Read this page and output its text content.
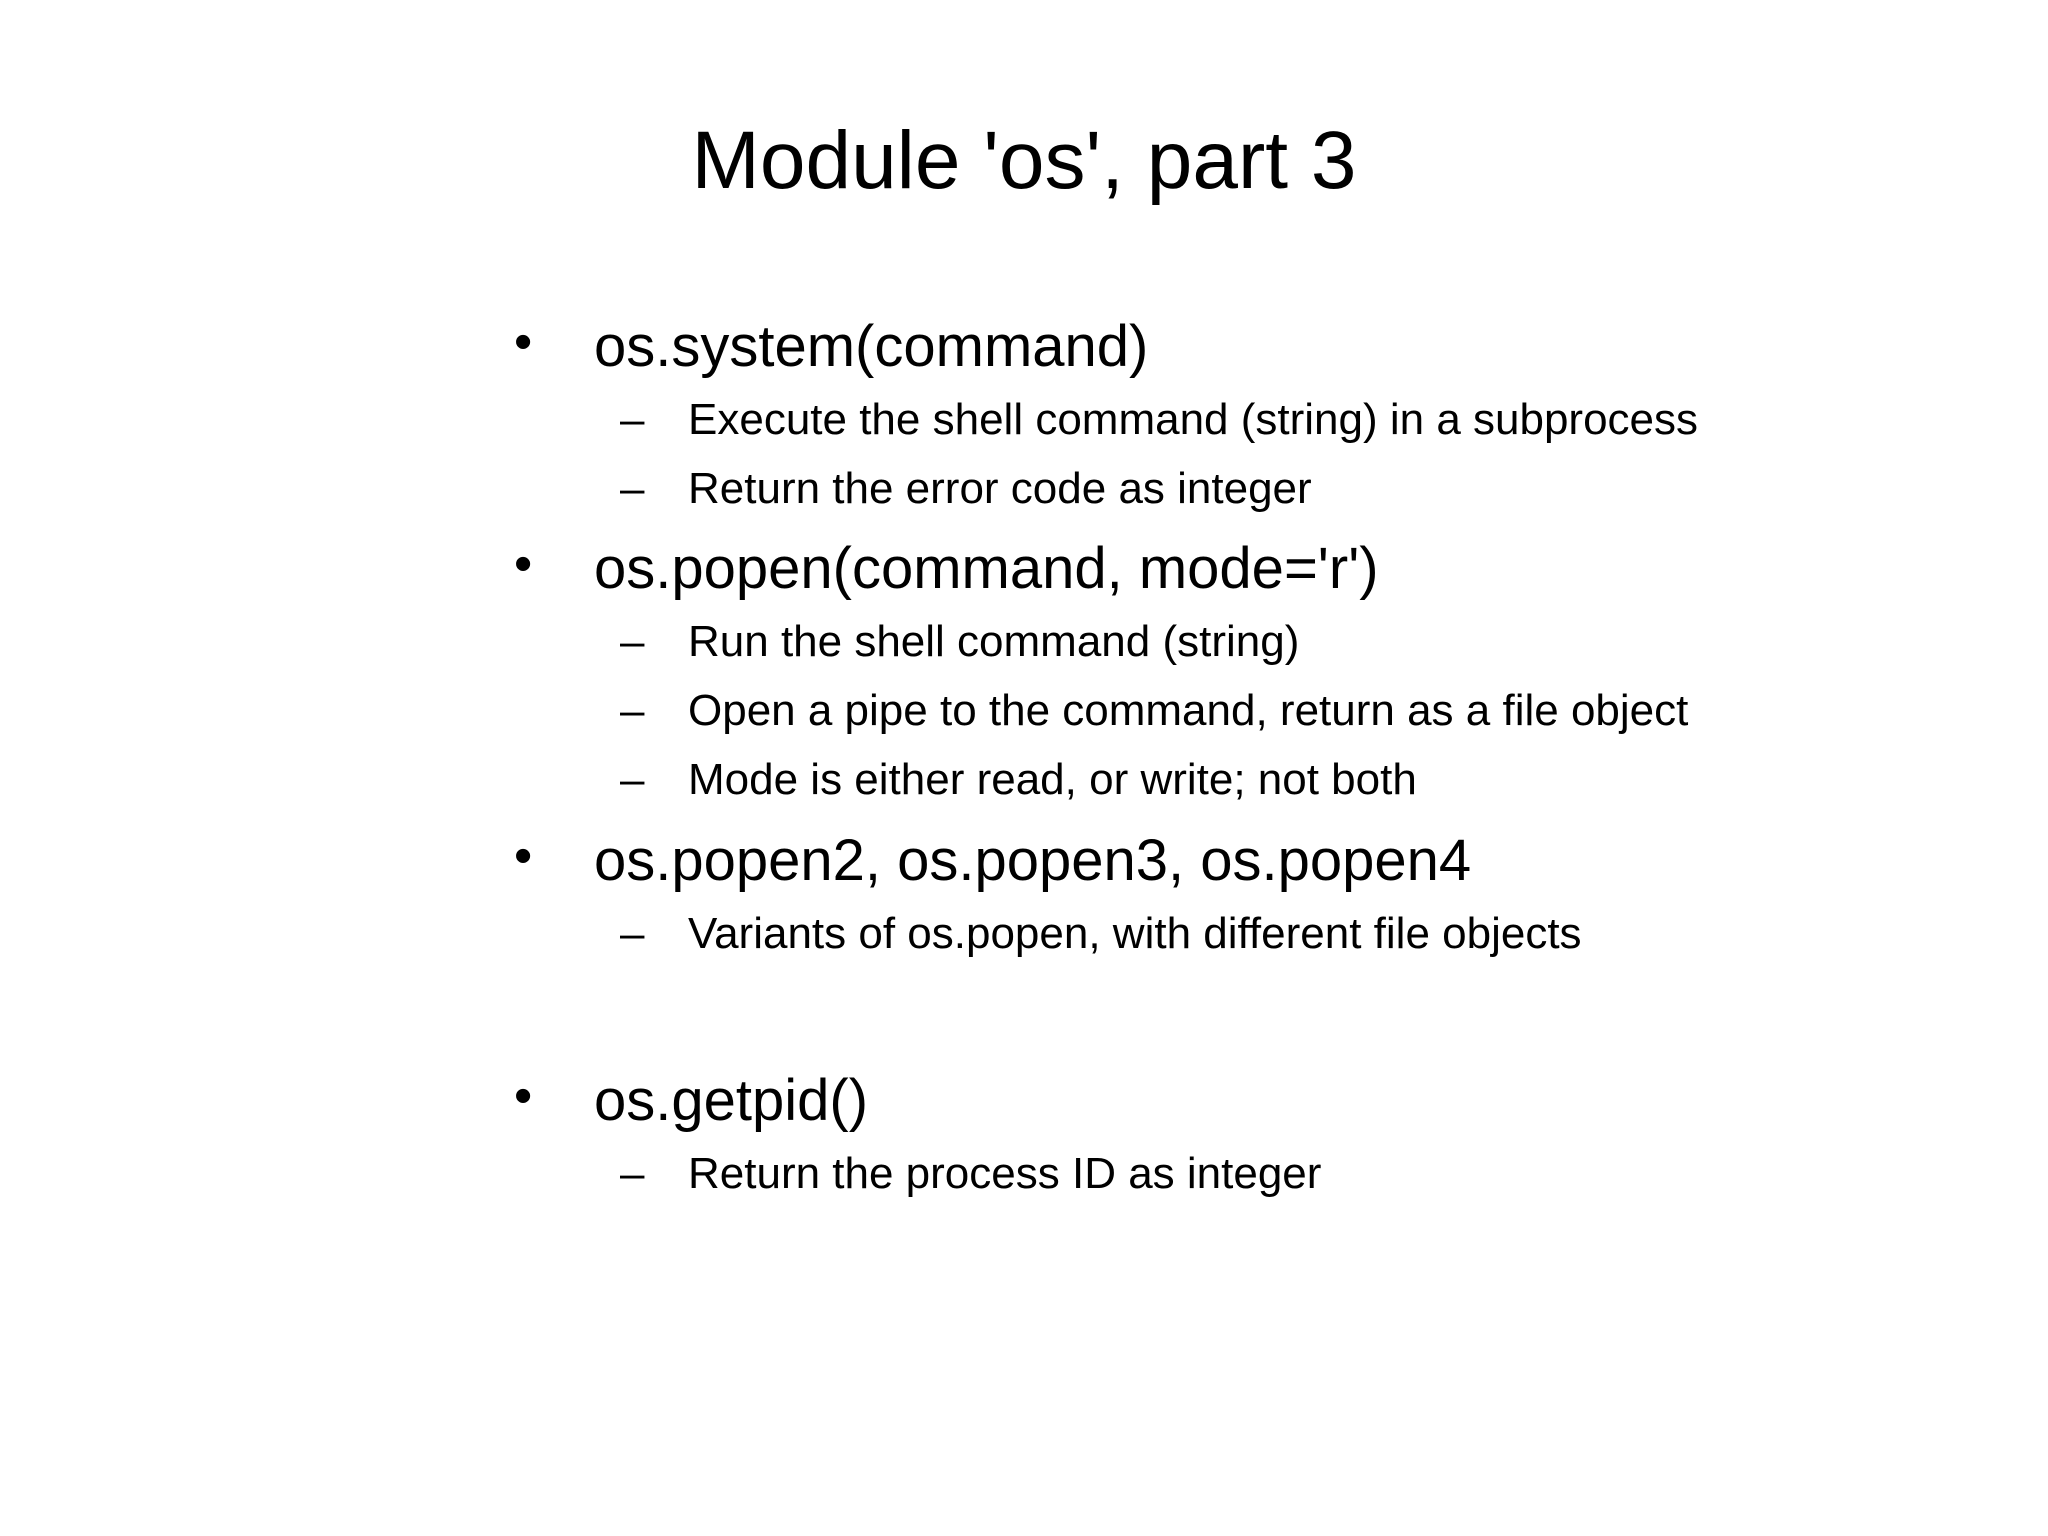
Module 'os', part 3
•	os.system(command)
– Execute the shell command (string) in a subprocess
– Return the error code as integer
•	os.popen(command, mode='r')
– Run the shell command (string)
– Open a pipe to the command, return as a file object
– Mode is either read, or write; not both
•	os.popen2, os.popen3, os.popen4
– Variants of os.popen, with different file objects
•	os.getpid()
– Return the process ID as integer
